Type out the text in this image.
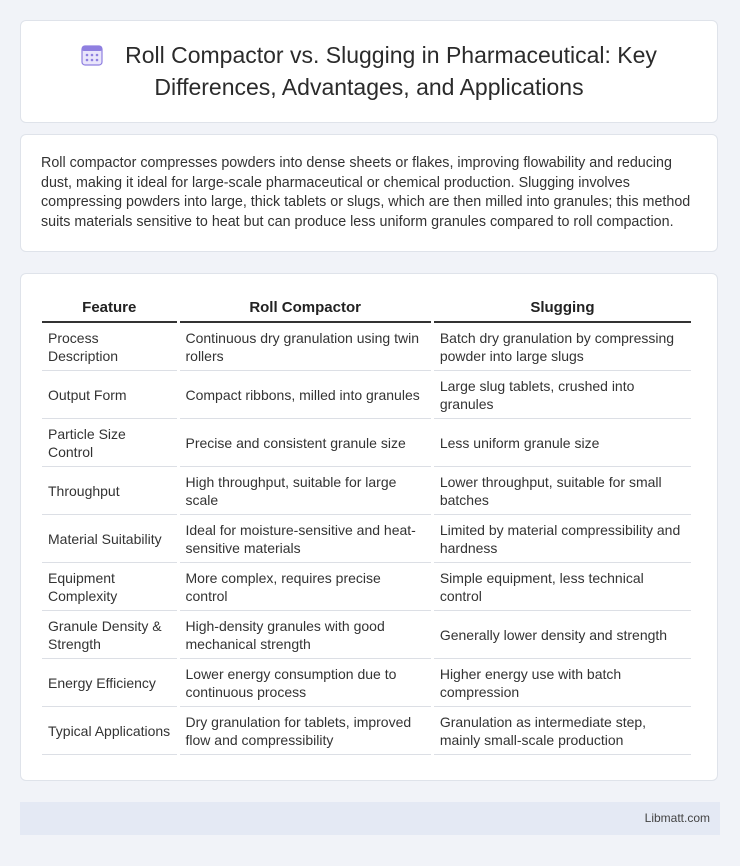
Roll Compactor vs. Slugging in Pharmaceutical: Key Differences, Advantages, and Applications
Roll compactor compresses powders into dense sheets or flakes, improving flowability and reducing dust, making it ideal for large-scale pharmaceutical or chemical production. Slugging involves compressing powders into large, thick tablets or slugs, which are then milled into granules; this method suits materials sensitive to heat but can produce less uniform granules compared to roll compaction.
Feature	Roll Compactor	Slugging
Process Description	Continuous dry granulation using twin rollers	Batch dry granulation by compressing powder into large slugs
Output Form	Compact ribbons, milled into granules	Large slug tablets, crushed into granules
Particle Size Control	Precise and consistent granule size	Less uniform granule size
Throughput	High throughput, suitable for large scale	Lower throughput, suitable for small batches
Material Suitability	Ideal for moisture-sensitive and heat-sensitive materials	Limited by material compressibility and hardness
Equipment Complexity	More complex, requires precise control	Simple equipment, less technical control
Granule Density & Strength	High-density granules with good mechanical strength	Generally lower density and strength
Energy Efficiency	Lower energy consumption due to continuous process	Higher energy use with batch compression
Typical Applications	Dry granulation for tablets, improved flow and compressibility	Granulation as intermediate step, mainly small-scale production
Libmatt.com
